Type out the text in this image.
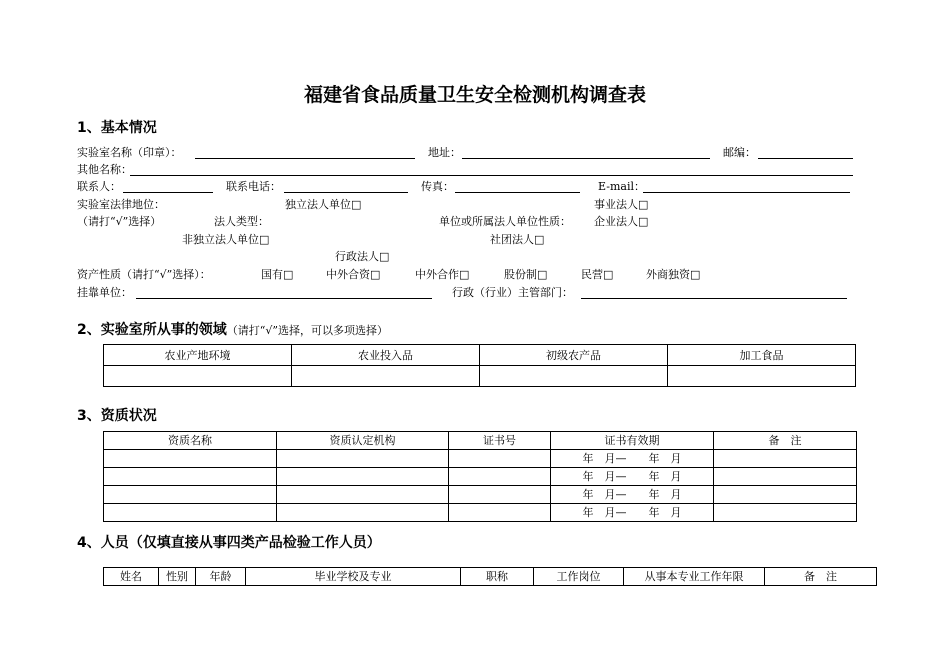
福建省食品质量卫生安全检测机构调查表
1、基本情况
实验室名称（印章）：	地址：	邮编：
其他名称：
联系人：	联系电话：	传真：	E-mail：
实验室法律地位：	独立法人单位□	事业法人□
（请打“√”选择）	法人类型：	单位或所属法人单位性质： 企业法人□
非独立法人单位□	社团法人□
行政法人□
资产性质（请打“√”选择）：	国有□	中外合资□	中外合作□	股份制□	民营□	外商独资□
挂靠单位：	行政（行业）主管部门：
2、实验室所从事的领域（请打“√”选择，可以多项选择）
农业产地环境	农业投入品	初级农产品	加工食品

3、资质状况
资质名称	资质认定机构	证书号	证书有效期	备　注
			年　月—　　年　月	
			年　月—　　年　月	
			年　月—　　年　月	
			年　月—　　年　月	
4、人员（仅填直接从事四类产品检验工作人员）
姓名	性别	年龄	毕业学校及专业	职称	工作岗位	从事本专业工作年限	备　注
